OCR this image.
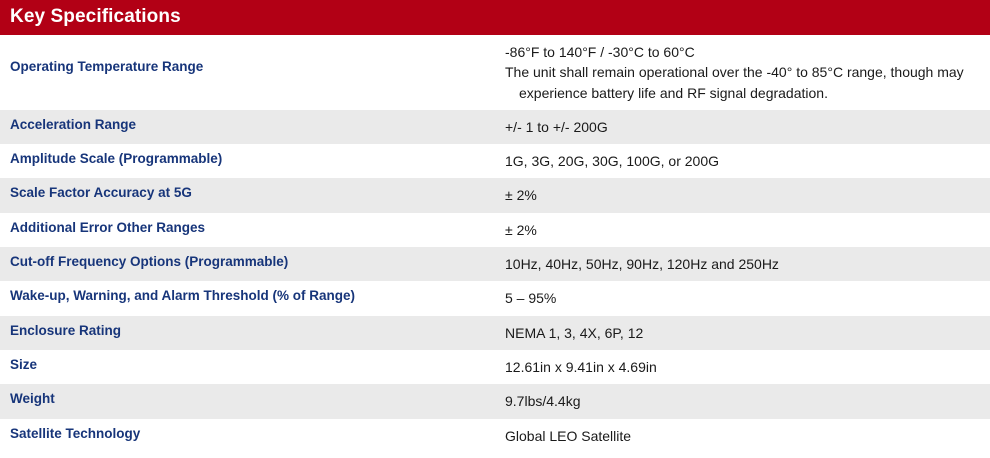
Key Specifications	
Operating Temperature Range	-86°F to 140°F / -30°C to 60°C
The unit shall remain operational over the -40° to 85°C range, though may experience battery life and RF signal degradation.

Acceleration Range	+/- 1 to +/- 200G

Amplitude Scale (Programmable)	1G, 3G, 20G, 30G, 100G, or 200G

Scale Factor Accuracy at 5G	± 2%

Additional Error Other Ranges	± 2%

Cut-off Frequency Options (Programmable)	10Hz, 40Hz, 50Hz, 90Hz, 120Hz and 250Hz

Wake-up, Warning, and Alarm Threshold (% of Range)	5 – 95%

Enclosure Rating	NEMA 1, 3, 4X, 6P, 12

Size	12.61in x 9.41in x 4.69in

Weight	9.7lbs/4.4kg

Satellite Technology	Global LEO Satellite
